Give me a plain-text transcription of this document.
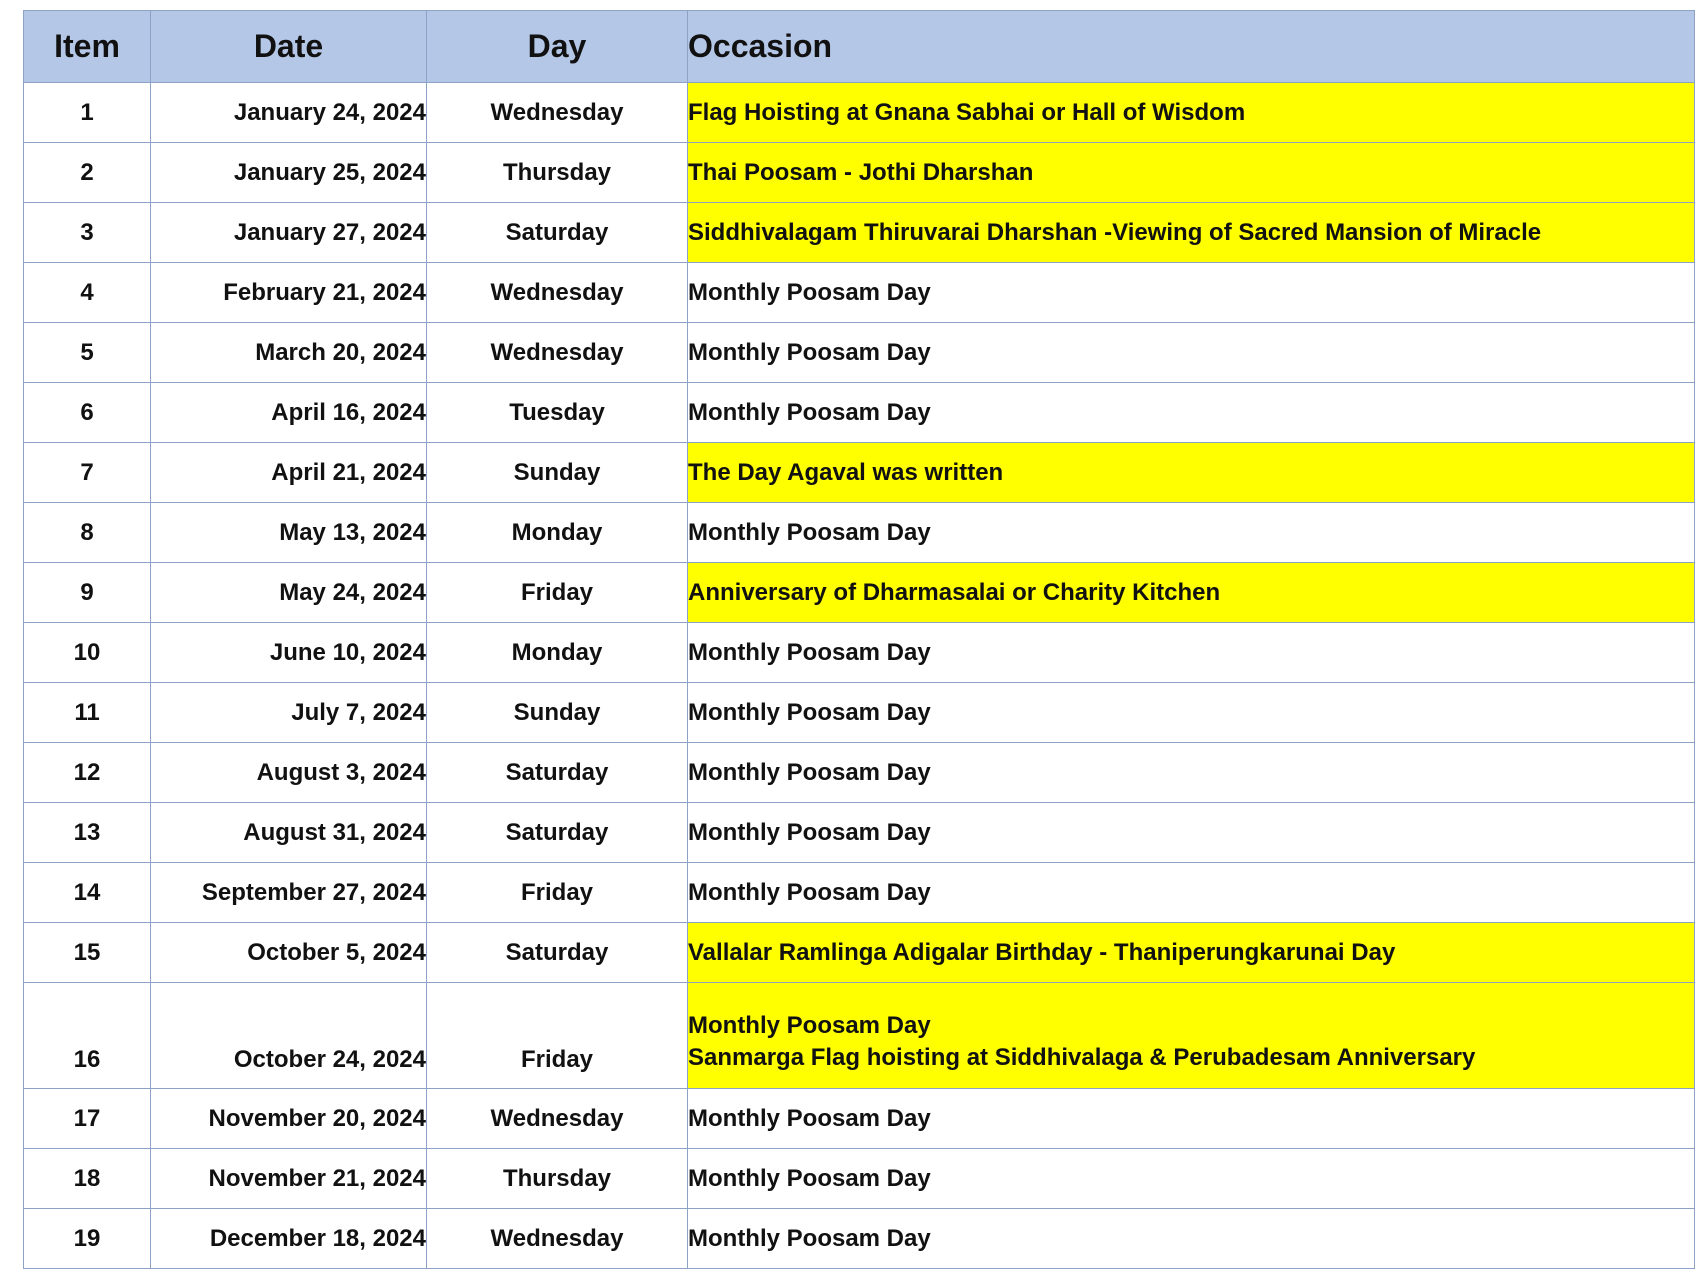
Item	Date	Day	Occasion
1	January 24, 2024	Wednesday	Flag Hoisting at Gnana Sabhai or Hall of Wisdom

2	January 25, 2024	Thursday	Thai Poosam - Jothi Dharshan

3	January 27, 2024	Saturday	Siddhivalagam Thiruvarai Dharshan -Viewing of Sacred Mansion of Miracle

4	February 21, 2024	Wednesday	Monthly Poosam Day

5	March 20, 2024	Wednesday	Monthly Poosam Day

6	April 16, 2024	Tuesday	Monthly Poosam Day

7	April 21, 2024	Sunday	The Day Agaval was written

8	May 13, 2024	Monday	Monthly Poosam Day

9	May 24, 2024	Friday	Anniversary of Dharmasalai or Charity Kitchen

10	June 10, 2024	Monday	Monthly Poosam Day

11	July 7, 2024	Sunday	Monthly Poosam Day

12	August 3, 2024	Saturday	Monthly Poosam Day

13	August 31, 2024	Saturday	Monthly Poosam Day

14	September 27, 2024	Friday	Monthly Poosam Day

15	October 5, 2024	Saturday	Vallalar Ramlinga Adigalar Birthday - Thaniperungkarunai Day

16	October 24, 2024	Friday	Monthly Poosam Day
Sanmarga Flag hoisting at Siddhivalaga & Perubadesam Anniversary

17	November 20, 2024	Wednesday	Monthly Poosam Day

18	November 21, 2024	Thursday	Monthly Poosam Day

19	December 18, 2024	Wednesday	Monthly Poosam Day
